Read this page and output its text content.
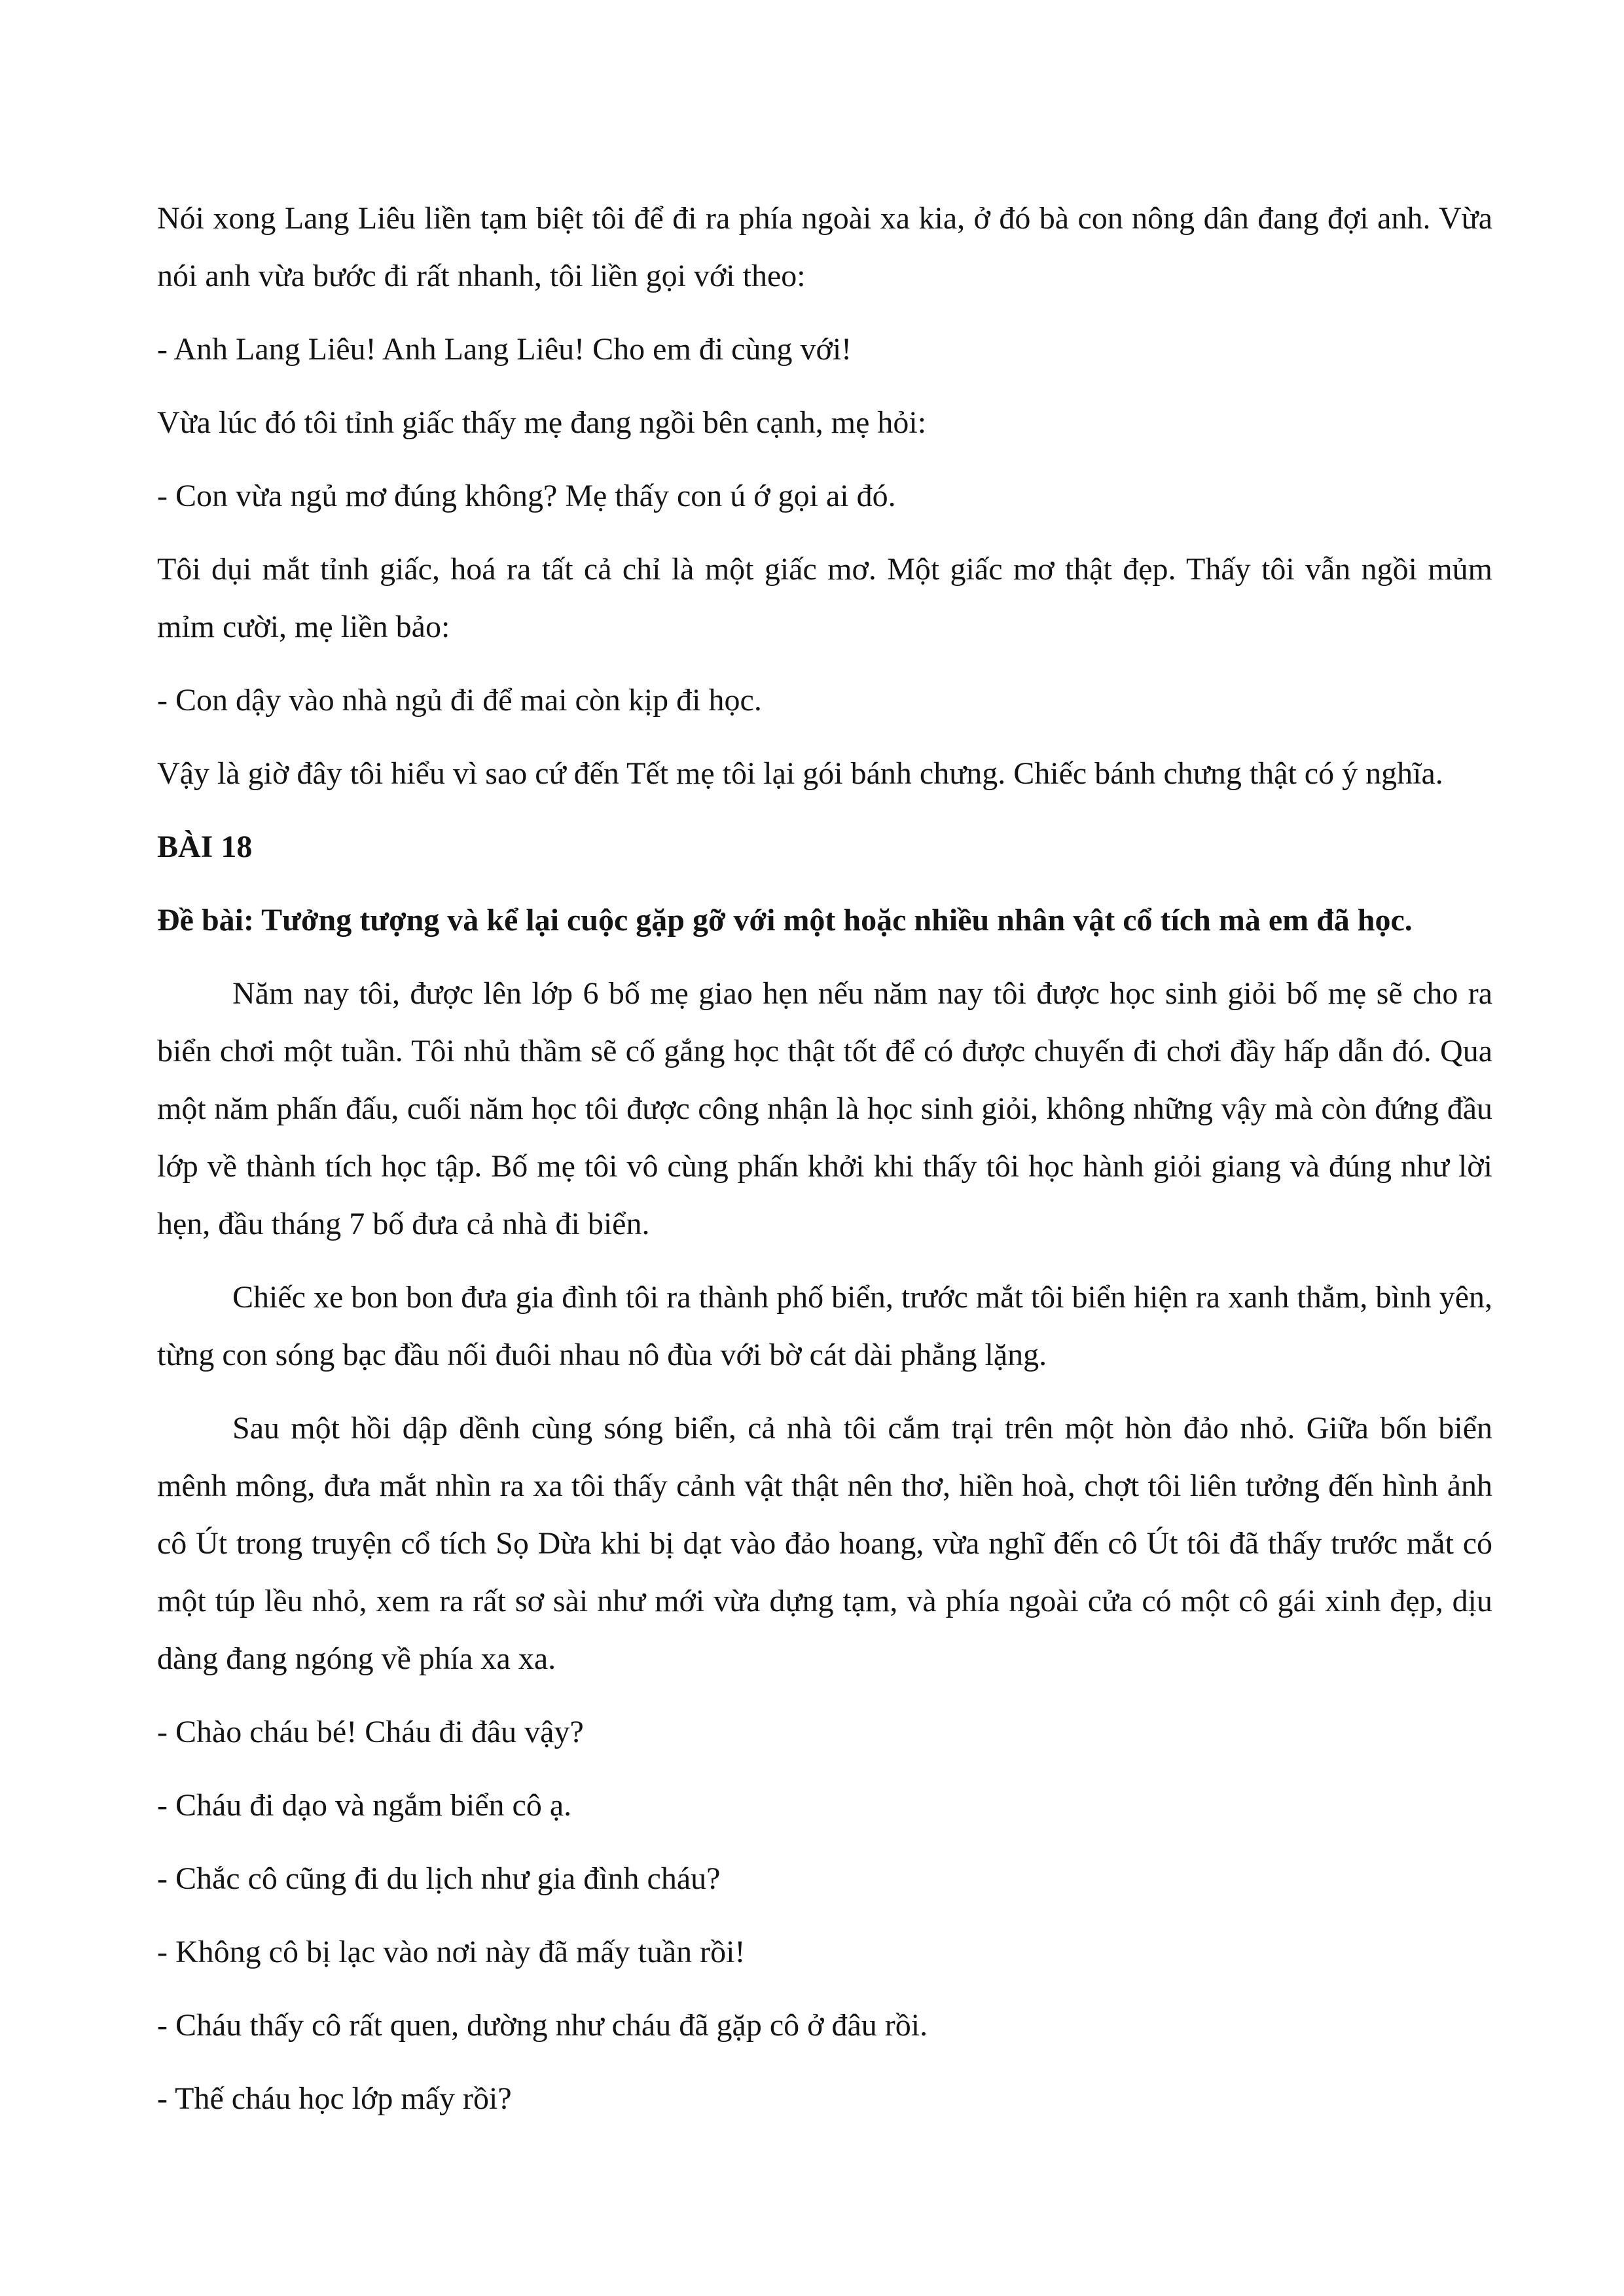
Nói xong Lang Liêu liền tạm biệt tôi để đi ra phía ngoài xa kia, ở đó bà con nông dân đang đợi anh. Vừa nói anh vừa bước đi rất nhanh, tôi liền gọi với theo:

- Anh Lang Liêu! Anh Lang Liêu! Cho em đi cùng với!

Vừa lúc đó tôi tỉnh giấc thấy mẹ đang ngồi bên cạnh, mẹ hỏi:

- Con vừa ngủ mơ đúng không? Mẹ thấy con ú ớ gọi ai đó.

Tôi dụi mắt tỉnh giấc, hoá ra tất cả chỉ là một giấc mơ. Một giấc mơ thật đẹp. Thấy tôi vẫn ngồi mủm mỉm cười, mẹ liền bảo:

- Con dậy vào nhà ngủ đi để mai còn kịp đi học.

Vậy là giờ đây tôi hiểu vì sao cứ đến Tết mẹ tôi lại gói bánh chưng. Chiếc bánh chưng thật có ý nghĩa.

BÀI 18

Đề bài: Tưởng tượng và kể lại cuộc gặp gỡ với một hoặc nhiều nhân vật cổ tích mà em đã học.

Năm nay tôi, được lên lớp 6 bố mẹ giao hẹn nếu năm nay tôi được học sinh giỏi bố mẹ sẽ cho ra biển chơi một tuần. Tôi nhủ thầm sẽ cố gắng học thật tốt để có được chuyến đi chơi đầy hấp dẫn đó. Qua một năm phấn đấu, cuối năm học tôi được công nhận là học sinh giỏi, không những vậy mà còn đứng đầu lớp về thành tích học tập. Bố mẹ tôi vô cùng phấn khởi khi thấy tôi học hành giỏi giang và đúng như lời hẹn, đầu tháng 7 bố đưa cả nhà đi biển.

Chiếc xe bon bon đưa gia đình tôi ra thành phố biển, trước mắt tôi biển hiện ra xanh thẳm, bình yên, từng con sóng bạc đầu nối đuôi nhau nô đùa với bờ cát dài phẳng lặng.

Sau một hồi dập dềnh cùng sóng biển, cả nhà tôi cắm trại trên một hòn đảo nhỏ. Giữa bốn biển mênh mông, đưa mắt nhìn ra xa tôi thấy cảnh vật thật nên thơ, hiền hoà, chợt tôi liên tưởng đến hình ảnh cô Út trong truyện cổ tích Sọ Dừa khi bị dạt vào đảo hoang, vừa nghĩ đến cô Út tôi đã thấy trước mắt có một túp lều nhỏ, xem ra rất sơ sài như mới vừa dựng tạm, và phía ngoài cửa có một cô gái xinh đẹp, dịu dàng đang ngóng về phía xa xa.

- Chào cháu bé! Cháu đi đâu vậy?

- Cháu đi dạo và ngắm biển cô ạ.

- Chắc cô cũng đi du lịch như gia đình cháu?

- Không cô bị lạc vào nơi này đã mấy tuần rồi!

- Cháu thấy cô rất quen, dường như cháu đã gặp cô ở đâu rồi.

- Thế cháu học lớp mấy rồi?
